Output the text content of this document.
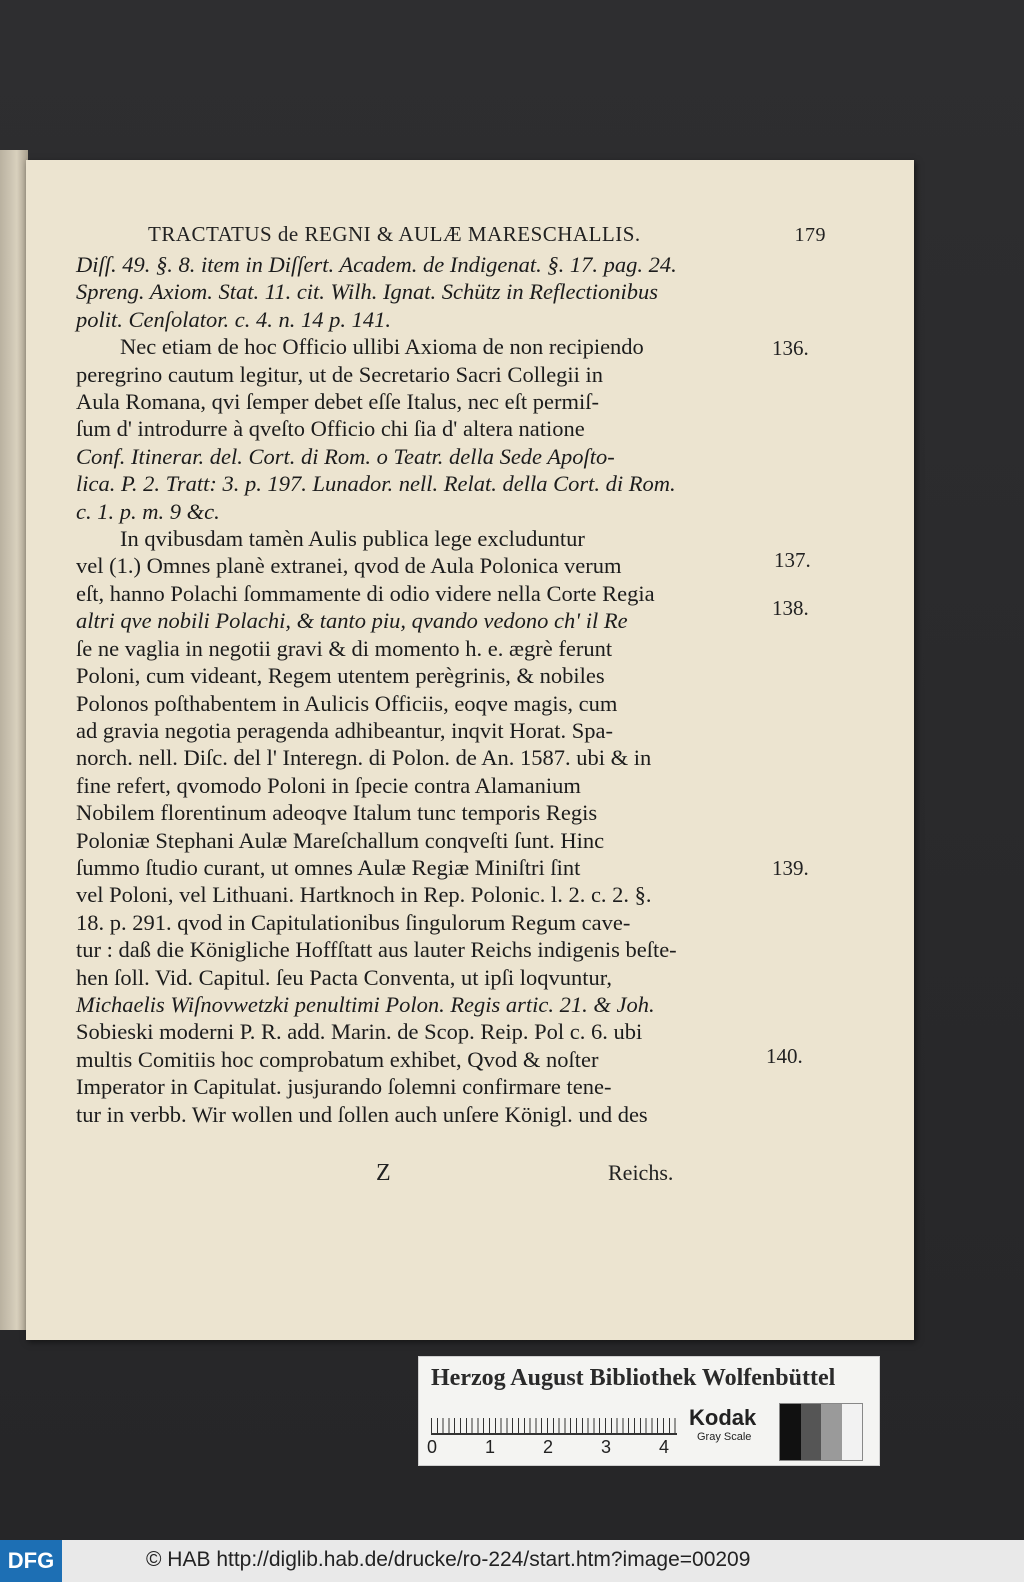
TRACTATUS de REGNI & AULÆ MARESCHALLIS.	179
Diſſ. 49. §. 8. item in Diſſert. Academ. de Indigenat. §. 17. pag. 24.
Spreng. Axiom. Stat. 11. cit. Wilh. Ignat. Schütz in Reflectionibus
polit. Cenſolator. c. 4. n. 14 p. 141.
Nec etiam de hoc Officio ullibi Axioma de non recipiendo
peregrino cautum legitur, ut de Secretario Sacri Collegii in
Aula Romana, qvi ſemper debet eſſe Italus, nec eſt permiſ-
ſum d' introdurre à qveſto Officio chi ſia d' altera natione
Conf. Itinerar. del. Cort. di Rom. o Teatr. della Sede Apoſto-
lica. P. 2. Tratt: 3. p. 197. Lunador. nell. Relat. della Cort. di Rom.
c. 1. p. m. 9 &c.
In qvibusdam tamèn Aulis publica lege excluduntur
vel (1.) Omnes planè extranei, qvod de Aula Polonica verum
eſt, hanno Polachi ſommamente di odio videre nella Corte Regia
altri qve nobili Polachi, & tanto piu, qvando vedono ch' il Re
ſe ne vaglia in negotii gravi & di momento h. e. ægrè ferunt
Poloni, cum videant, Regem utentem perègrinis, & nobiles
Polonos poſthabentem in Aulicis Officiis, eoqve magis, cum
ad gravia negotia peragenda adhibeantur, inqvit Horat. Spa-
norch. nell. Diſc. del l' Interegn. di Polon. de An. 1587. ubi & in
fine refert, qvomodo Poloni in ſpecie contra Alamanium
Nobilem florentinum adeoqve Italum tunc temporis Regis
Poloniæ Stephani Aulæ Mareſchallum conqveſti ſunt. Hinc
ſummo ſtudio curant, ut omnes Aulæ Regiæ Miniſtri ſint
vel Poloni, vel Lithuani. Hartknoch in Rep. Polonic. l. 2. c. 2. §.
18. p. 291. qvod in Capitulationibus ſingulorum Regum cave-
tur : daß die Königliche Hoffſtatt aus lauter Reichs indigenis beſte-
hen ſoll. Vid. Capitul. ſeu Pacta Conventa, ut ipſi loqvuntur,
Michaelis Wiſnovwetzki penultimi Polon. Regis artic. 21. & Joh.
Sobieski moderni P. R. add. Marin. de Scop. Reip. Pol c. 6. ubi
multis Comitiis hoc comprobatum exhibet, Qvod & noſter
Imperator in Capitulat. jusjurando ſolemni confirmare tene-
tur in verbb. Wir wollen und ſollen auch unſere Königl. und des
136.
137.
138.
139.
140.
Z	Reichs.
Herzog August Bibliothek Wolfenbüttel
0	1	2	3	4
Kodak
Gray Scale
DFG	© HAB http://diglib.hab.de/drucke/ro-224/start.htm?image=00209
